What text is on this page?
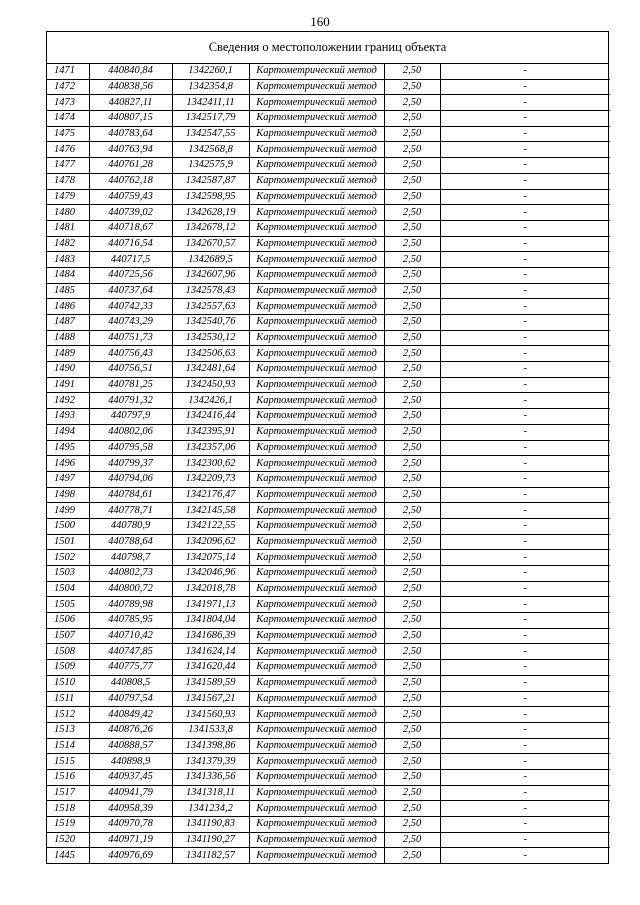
160
Сведения о местоположении границ объекта
1471	440840,84	1342260,1	Картометрический метод	2,50	-
1472	440838,56	1342354,8	Картометрический метод	2,50	-
1473	440827,11	1342411,11	Картометрический метод	2,50	-
1474	440807,15	1342517,79	Картометрический метод	2,50	-
1475	440783,64	1342547,55	Картометрический метод	2,50	-
1476	440763,94	1342568,8	Картометрический метод	2,50	-
1477	440761,28	1342575,9	Картометрический метод	2,50	-
1478	440762,18	1342587,87	Картометрический метод	2,50	-
1479	440759,43	1342598,95	Картометрический метод	2,50	-
1480	440739,02	1342628,19	Картометрический метод	2,50	-
1481	440718,67	1342678,12	Картометрический метод	2,50	-
1482	440716,54	1342670,57	Картометрический метод	2,50	-
1483	440717,5	1342689,5	Картометрический метод	2,50	-
1484	440725,56	1342607,96	Картометрический метод	2,50	-
1485	440737,64	1342578,43	Картометрический метод	2,50	-
1486	440742,33	1342557,63	Картометрический метод	2,50	-
1487	440743,29	1342540,76	Картометрический метод	2,50	-
1488	440751,73	1342530,12	Картометрический метод	2,50	-
1489	440756,43	1342506,63	Картометрический метод	2,50	-
1490	440756,51	1342481,64	Картометрический метод	2,50	-
1491	440781,25	1342450,93	Картометрический метод	2,50	-
1492	440791,32	1342426,1	Картометрический метод	2,50	-
1493	440797,9	1342416,44	Картометрический метод	2,50	-
1494	440802,06	1342395,91	Картометрический метод	2,50	-
1495	440795,58	1342357,06	Картометрический метод	2,50	-
1496	440799,37	1342300,62	Картометрический метод	2,50	-
1497	440794,06	1342209,73	Картометрический метод	2,50	-
1498	440784,61	1342176,47	Картометрический метод	2,50	-
1499	440778,71	1342145,58	Картометрический метод	2,50	-
1500	440780,9	1342122,55	Картометрический метод	2,50	-
1501	440788,64	1342096,62	Картометрический метод	2,50	-
1502	440798,7	1342075,14	Картометрический метод	2,50	-
1503	440802,73	1342046,96	Картометрический метод	2,50	-
1504	440800,72	1342018,78	Картометрический метод	2,50	-
1505	440789,98	1341971,13	Картометрический метод	2,50	-
1506	440785,95	1341804,04	Картометрический метод	2,50	-
1507	440710,42	1341686,39	Картометрический метод	2,50	-
1508	440747,85	1341624,14	Картометрический метод	2,50	-
1509	440775,77	1341620,44	Картометрический метод	2,50	-
1510	440808,5	1341589,59	Картометрический метод	2,50	-
1511	440797,54	1341567,21	Картометрический метод	2,50	-
1512	440849,42	1341560,93	Картометрический метод	2,50	-
1513	440876,26	1341533,8	Картометрический метод	2,50	-
1514	440888,57	1341398,86	Картометрический метод	2,50	-
1515	440898,9	1341379,39	Картометрический метод	2,50	-
1516	440937,45	1341336,56	Картометрический метод	2,50	-
1517	440941,79	1341318,11	Картометрический метод	2,50	-
1518	440958,39	1341234,2	Картометрический метод	2,50	-
1519	440970,78	1341190,83	Картометрический метод	2,50	-
1520	440971,19	1341190,27	Картометрический метод	2,50	-
1445	440976,69	1341182,57	Картометрический метод	2,50	-
